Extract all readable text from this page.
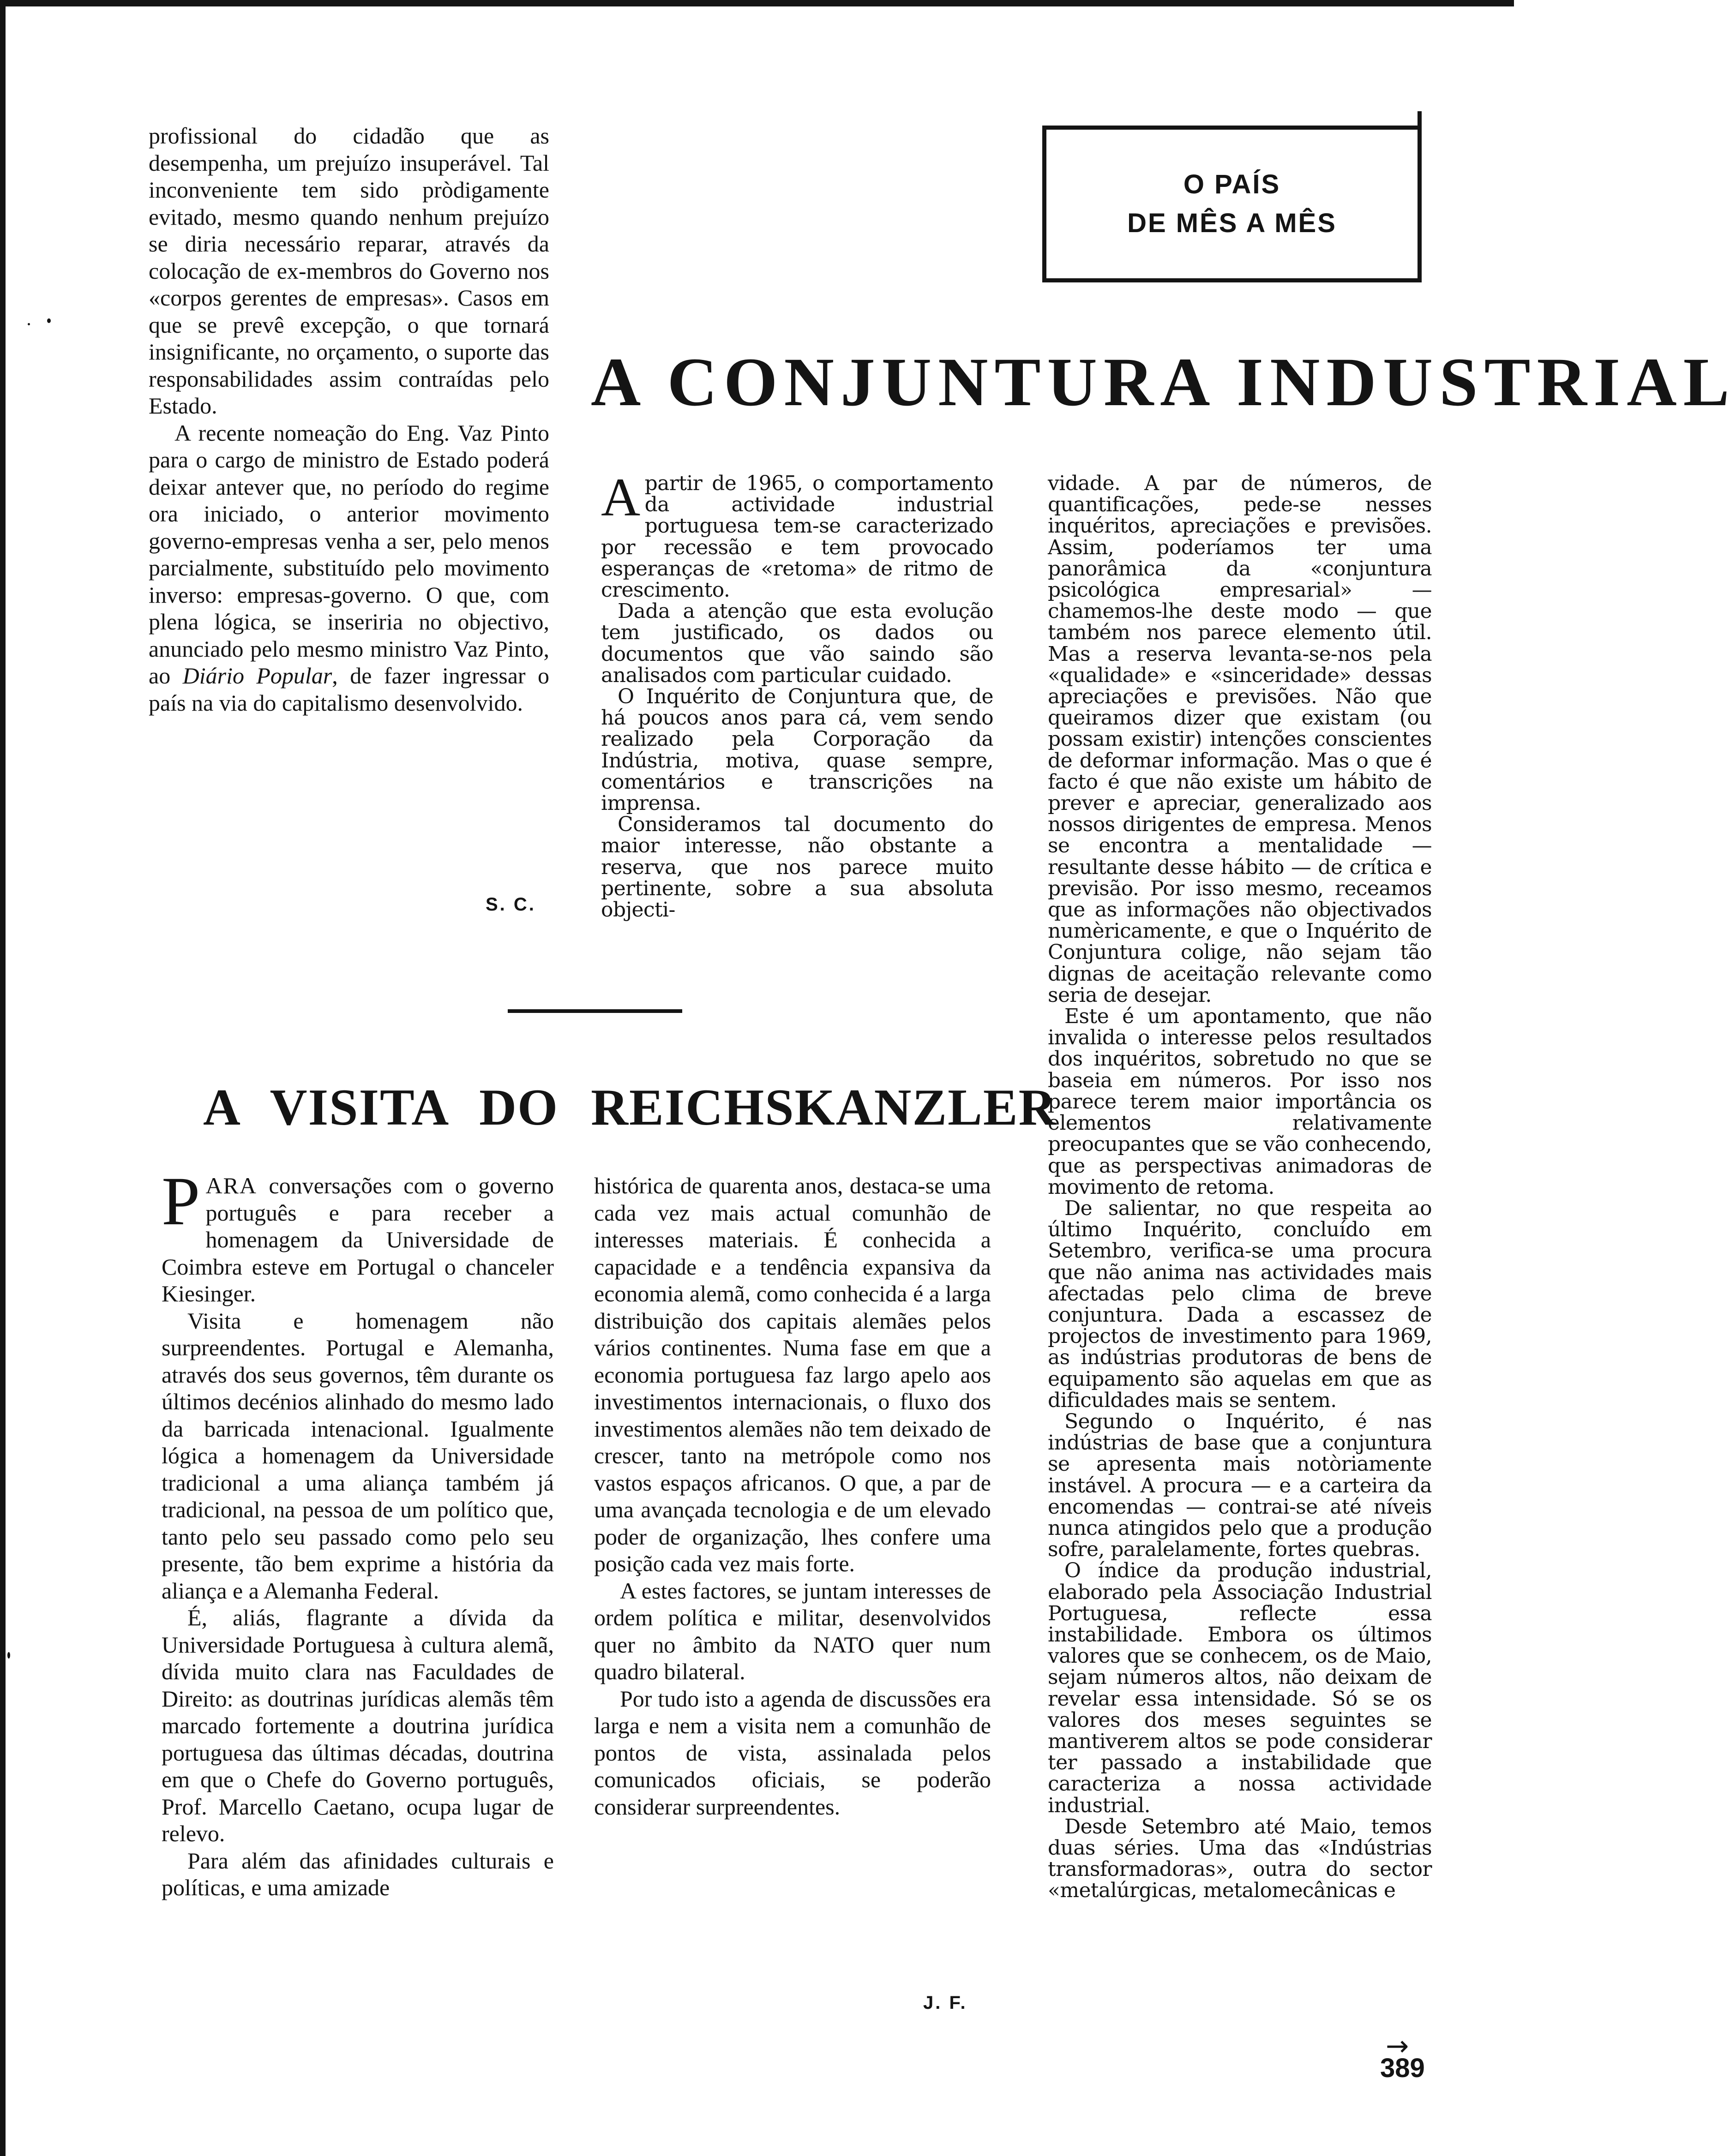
profissional do cidadão que as desempenha, um prejuízo insuperável. Tal inconveniente tem sido pròdigamente evitado, mesmo quando nenhum prejuízo se diria necessário reparar, através da colocação de ex-membros do Governo nos «corpos gerentes de empresas». Casos em que se prevê excepção, o que tornará insignificante, no orçamento, o suporte das responsabilidades assim contraídas pelo Estado.

A recente nomeação do Eng. Vaz Pinto para o cargo de ministro de Estado poderá deixar antever que, no período do regime ora iniciado, o anterior movimento governo-empresas venha a ser, pelo menos parcialmente, substituído pelo movimento inverso: empresas-governo. O que, com plena lógica, se inseriria no objectivo, anunciado pelo mesmo ministro Vaz Pinto, ao Diário Popular, de fazer ingressar o país na via do capitalismo desenvolvido.

S. C.
O PAÍS
DE MÊS A MÊS
A CONJUNTURA INDUSTRIAL

Apartir de 1965, o comportamento da actividade industrial portuguesa tem-se caracterizado por recessão e tem provocado esperanças de «retoma» de ritmo de crescimento.

Dada a atenção que esta evolução tem justificado, os dados ou documentos que vão saindo são analisados com particular cuidado.

O Inquérito de Conjuntura que, de há poucos anos para cá, vem sendo realizado pela Corporação da Indústria, motiva, quase sempre, comentários e transcrições na imprensa.

Consideramos tal documento do maior interesse, não obstante a reserva, que nos parece muito pertinente, sobre a sua absoluta objecti-

vidade. A par de números, de quantificações, pede-se nesses inquéritos, apreciações e previsões. Assim, poderíamos ter uma panorâmica da «conjuntura psicológica empresarial» — chamemos-lhe deste modo — que também nos parece elemento útil. Mas a reserva levanta-se-nos pela «qualidade» e «sinceridade» dessas apreciações e previsões. Não que queiramos dizer que existam (ou possam existir) intenções conscientes de deformar informação. Mas o que é facto é que não existe um hábito de prever e apreciar, generalizado aos nossos dirigentes de empresa. Menos se encontra a mentalidade — resultante desse hábito — de crítica e previsão. Por isso mesmo, receamos que as informações não objectivados numèricamente, e que o Inquérito de Conjuntura colige, não sejam tão dignas de aceitação relevante como seria de desejar.

Este é um apontamento, que não invalida o interesse pelos resultados dos inquéritos, sobretudo no que se baseia em números. Por isso nos parece terem maior importância os elementos relativamente preocupantes que se vão conhecendo, que as perspectivas animadoras de movimento de retoma.

De salientar, no que respeita ao último Inquérito, concluído em Setembro, verifica-se uma procura que não anima nas actividades mais afectadas pelo clima de breve conjuntura. Dada a escassez de projectos de investimento para 1969, as indústrias produtoras de bens de equipamento são aquelas em que as dificuldades mais se sentem.

Segundo o Inquérito, é nas indústrias de base que a conjuntura se apresenta mais notòriamente instável. A procura — e a carteira da encomendas — contrai-se até níveis nunca atingidos pelo que a produção sofre, paralelamente, fortes quebras.

O índice da produção industrial, elaborado pela Associação Industrial Portuguesa, reflecte essa instabilidade. Embora os últimos valores que se conhecem, os de Maio, sejam números altos, não deixam de revelar essa intensidade. Só se os valores dos meses seguintes se mantiverem altos se pode considerar ter passado a instabilidade que caracteriza a nossa actividade industrial.

Desde Setembro até Maio, temos duas séries. Uma das «Indústrias transformadoras», outra do sector «metalúrgicas, metalomecânicas e

A VISITA DO REICHSKANZLER

PARA conversações com o governo português e para receber a homenagem da Universidade de Coimbra esteve em Portugal o chanceler Kiesinger.

Visita e homenagem não surpreendentes. Portugal e Alemanha, através dos seus governos, têm durante os últimos decénios alinhado do mesmo lado da barricada intenacional. Igualmente lógica a homenagem da Universidade tradicional a uma aliança também já tradicional, na pessoa de um político que, tanto pelo seu passado como pelo seu presente, tão bem exprime a história da aliança e a Alemanha Federal.

É, aliás, flagrante a dívida da Universidade Portuguesa à cultura alemã, dívida muito clara nas Faculdades de Direito: as doutrinas jurídicas alemãs têm marcado fortemente a doutrina jurídica portuguesa das últimas décadas, doutrina em que o Chefe do Governo português, Prof. Marcello Caetano, ocupa lugar de relevo.

Para além das afinidades culturais e políticas, e uma amizade

histórica de quarenta anos, destaca-se uma cada vez mais actual comunhão de interesses materiais. É conhecida a capacidade e a tendência expansiva da economia alemã, como conhecida é a larga distribuição dos capitais alemães pelos vários continentes. Numa fase em que a economia portuguesa faz largo apelo aos investimentos internacionais, o fluxo dos investimentos alemães não tem deixado de crescer, tanto na metrópole como nos vastos espaços africanos. O que, a par de uma avançada tecnologia e de um elevado poder de organização, lhes confere uma posição cada vez mais forte.

A estes factores, se juntam interesses de ordem política e militar, desenvolvidos quer no âmbito da NATO quer num quadro bilateral.

Por tudo isto a agenda de discussões era larga e nem a visita nem a comunhão de pontos de vista, assinalada pelos comunicados oficiais, se poderão considerar surpreendentes.

J. F.
→
389
